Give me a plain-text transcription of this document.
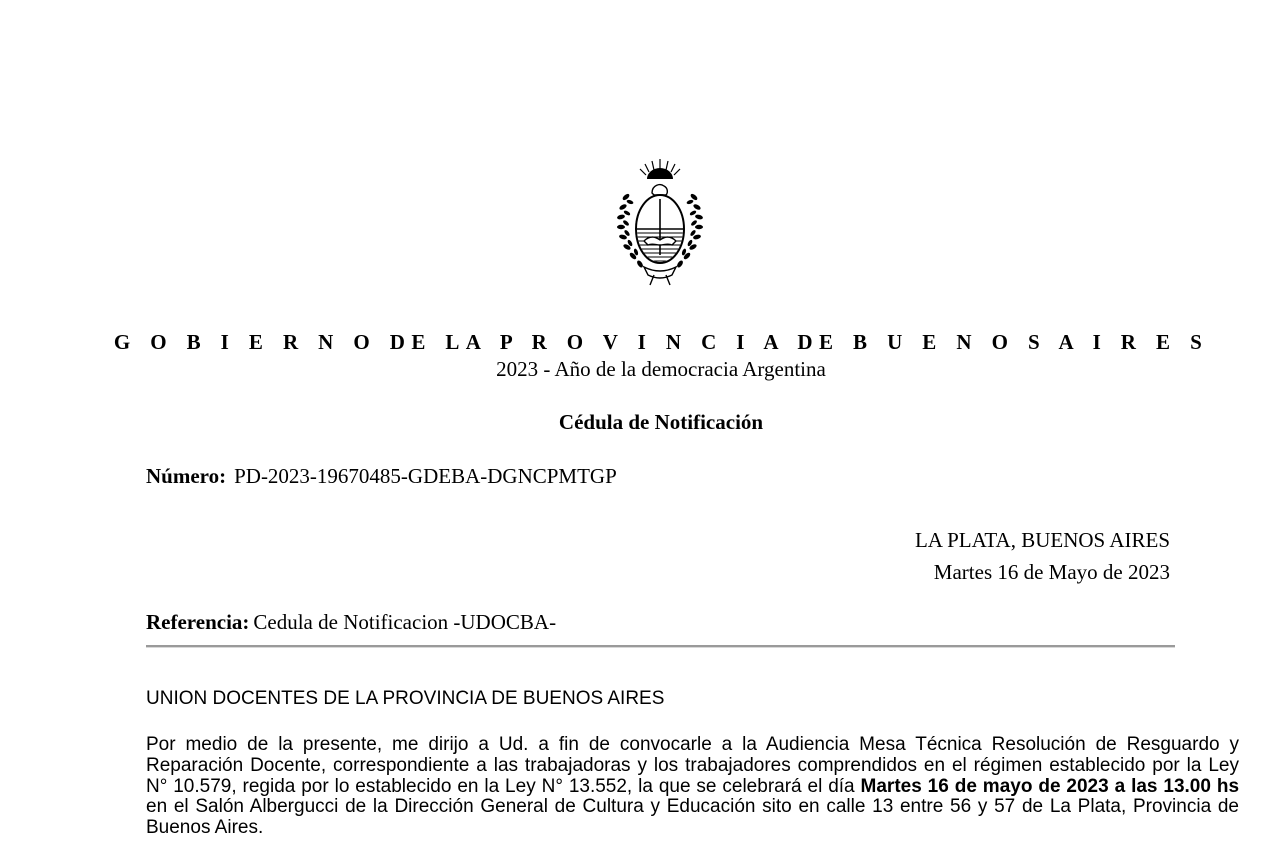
G O B I E R N O DE LA P R O V I N C I A DE B U E N O S A I R E S
2023 - Año de la democracia Argentina
Cédula de Notificación
Número: PD-2023-19670485-GDEBA-DGNCPMTGP
LA PLATA, BUENOS AIRES
Martes 16 de Mayo de 2023
Referencia: Cedula de Notificacion -UDOCBA-
UNION DOCENTES DE LA PROVINCIA DE BUENOS AIRES
Por medio de la presente, me dirijo a Ud. a fin de convocarle a la Audiencia Mesa Técnica Resolución de Resguardo y Reparación Docente, correspondiente a las trabajadoras y los trabajadores comprendidos en el régimen establecido por la Ley N° 10.579, regida por lo establecido en la Ley N° 13.552, la que se celebrará el día Martes 16 de mayo de 2023 a las 13.00 hs en el Salón Albergucci de la Dirección General de Cultura y Educación sito en calle 13 entre 56 y 57 de La Plata, Provincia de Buenos Aires.
